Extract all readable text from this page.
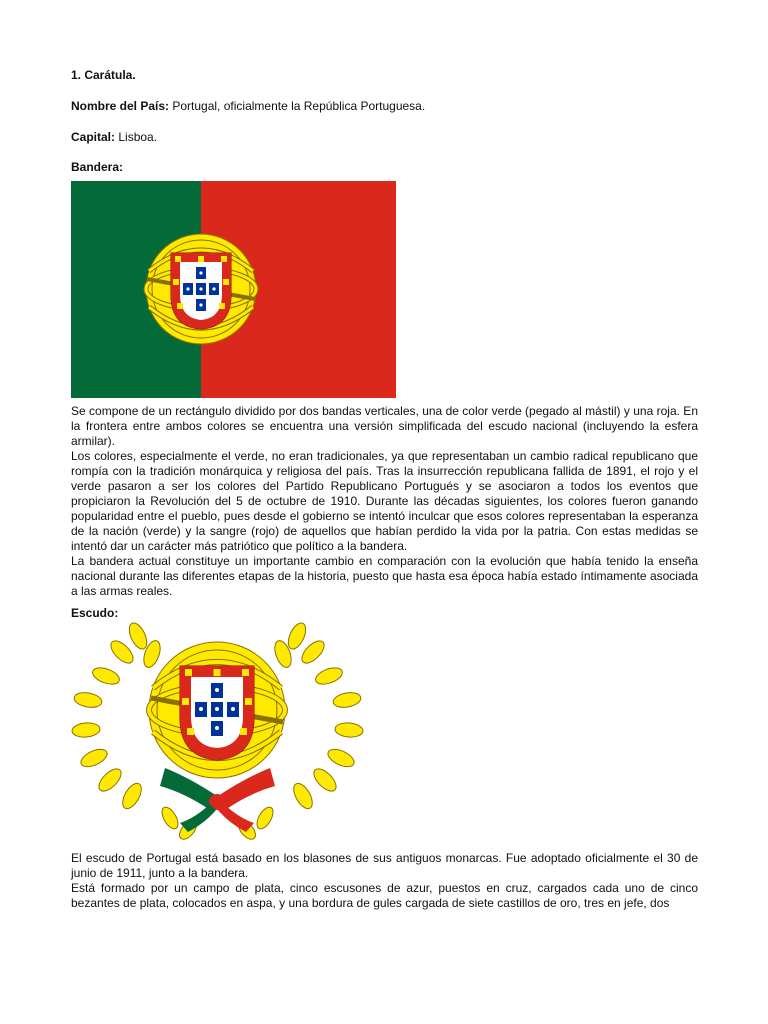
1. Carátula.

Nombre del País: Portugal, oficialmente la República Portuguesa.

Capital: Lisboa.

Bandera:

Se compone de un rectángulo dividido por dos bandas verticales, una de color verde (pegado al mástil) y una roja. En la frontera entre ambos colores se encuentra una versión simplificada del escudo nacional (incluyendo la esfera armilar).

Los colores, especialmente el verde, no eran tradicionales, ya que representaban un cambio radical republicano que rompía con la tradición monárquica y religiosa del país. Tras la insurrección republicana fallida de 1891, el rojo y el verde pasaron a ser los colores del Partido Republicano Portugués y se asociaron a todos los eventos que propiciaron la Revolución del 5 de octubre de 1910. Durante las décadas siguientes, los colores fueron ganando popularidad entre el pueblo, pues desde el gobierno se intentó inculcar que esos colores representaban la esperanza de la nación (verde) y la sangre (rojo) de aquellos que habían perdido la vida por la patria. Con estas medidas se intentó dar un carácter más patriótico que político a la bandera.

La bandera actual constituye un importante cambio en comparación con la evolución que había tenido la enseña nacional durante las diferentes etapas de la historia, puesto que hasta esa época había estado íntimamente asociada a las armas reales.

Escudo:

El escudo de Portugal está basado en los blasones de sus antiguos monarcas. Fue adoptado oficialmente el 30 de junio de 1911, junto a la bandera.

Está formado por un campo de plata, cinco escusones de azur, puestos en cruz, cargados cada uno de cinco bezantes de plata, colocados en aspa, y una bordura de gules cargada de siete castillos de oro, tres en jefe, dos
